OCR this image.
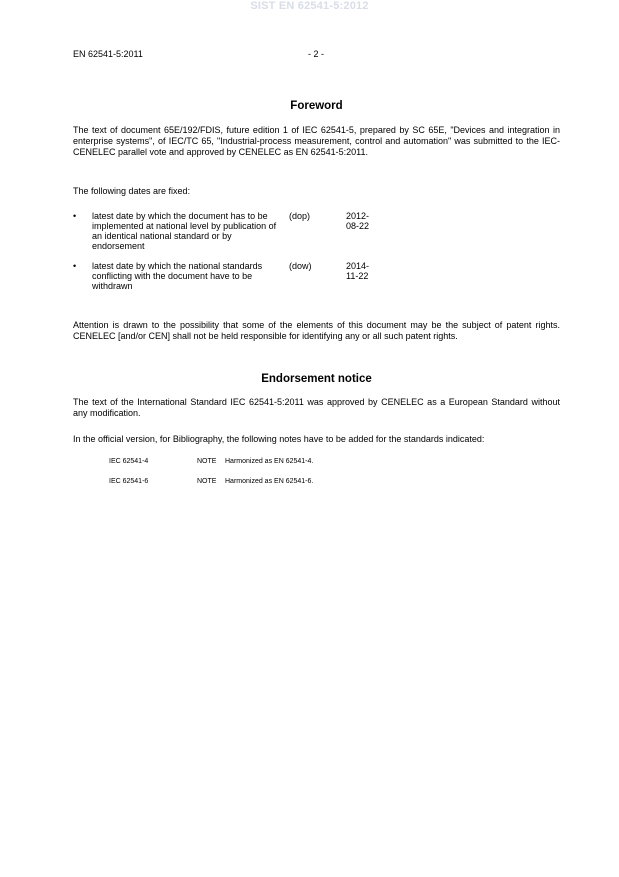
SIST EN 62541-5:2012
EN 62541-5:2011	- 2 -
Foreword

The text of document 65E/192/FDIS, future edition 1 of IEC 62541-5, prepared by SC 65E, "Devices and integration in enterprise systems", of IEC/TC 65, "Industrial-process measurement, control and automation" was submitted to the IEC-CENELEC parallel vote and approved by CENELEC as EN 62541-5:2011.

The following dates are fixed:

• latest date by which the document has to be implemented at national level by publication of an identical national standard or by endorsement
(dop)	2012-08-22
• latest date by which the national standards conflicting with the document have to be withdrawn
(dow)	2014-11-22

Attention is drawn to the possibility that some of the elements of this document may be the subject of patent rights. CENELEC [and/or CEN] shall not be held responsible for identifying any or all such patent rights.

Endorsement notice

The text of the International Standard IEC 62541-5:2011 was approved by CENELEC as a European Standard without any modification.

In the official version, for Bibliography, the following notes have to be added for the standards indicated:

IEC 62541-4	NOTE Harmonized as EN 62541-4.
IEC 62541-6	NOTE Harmonized as EN 62541-6.
